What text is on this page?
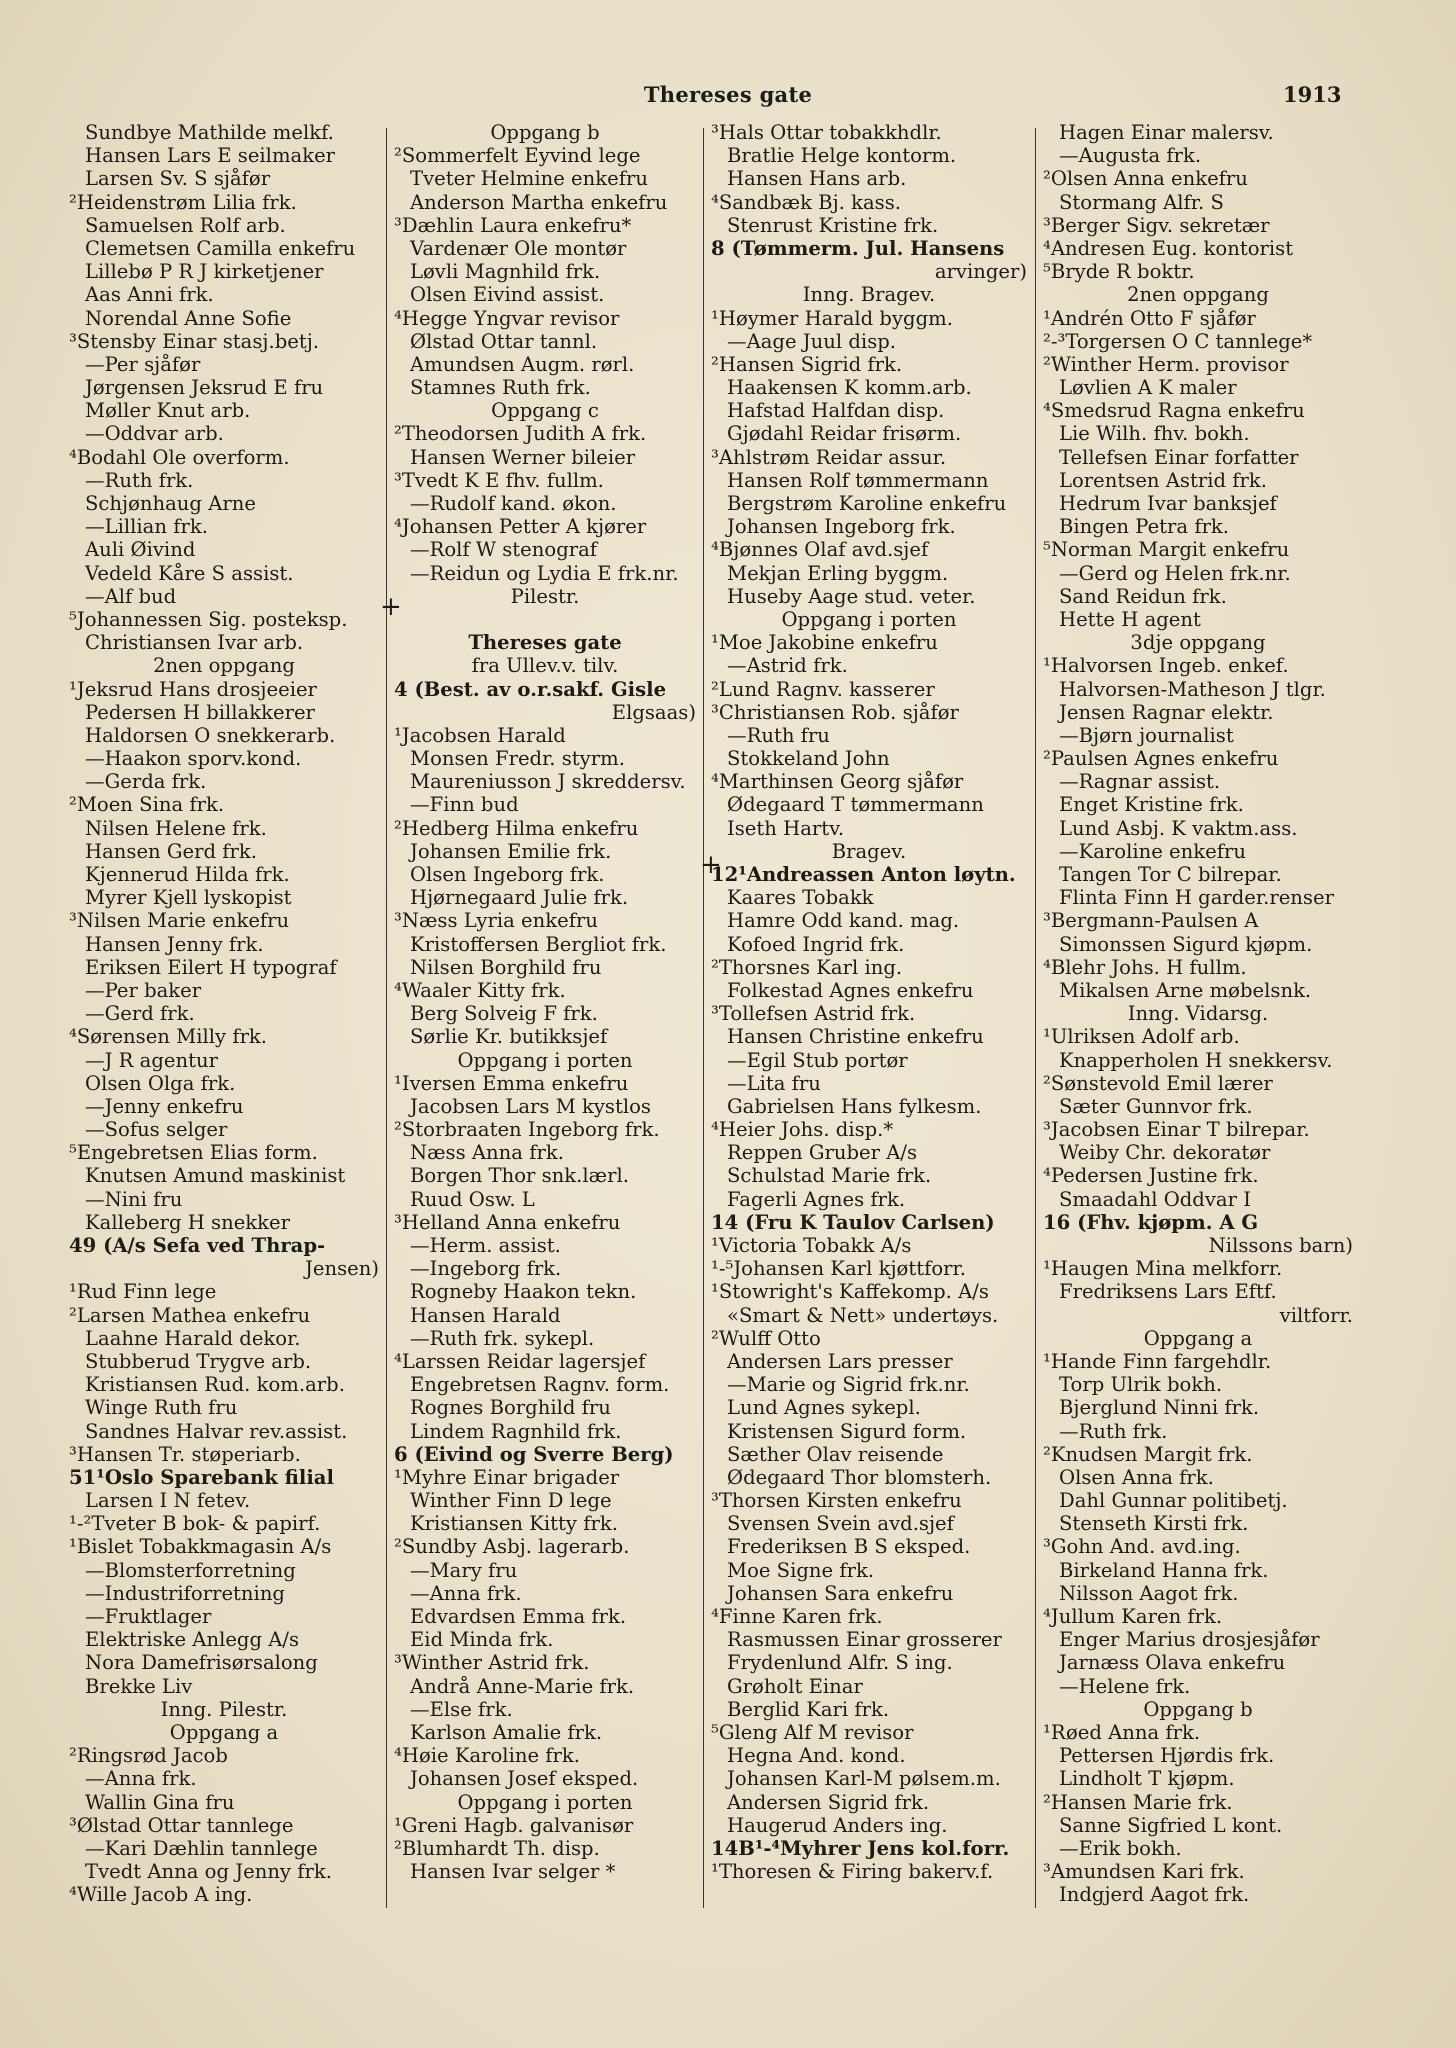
Thereses gate	1913
Sundbye Mathilde melkf.
Hansen Lars E seilmaker
Larsen Sv. S sjåfør
²Heidenstrøm Lilia frk.
Samuelsen Rolf arb.
Clemetsen Camilla enkefru
Lillebø P R J kirketjener
Aas Anni frk.
Norendal Anne Sofie
³Stensby Einar stasj.betj.
—Per sjåfør
Jørgensen Jeksrud E fru
Møller Knut arb.
—Oddvar arb.
⁴Bodahl Ole overform.
—Ruth frk.
Schjønhaug Arne
—Lillian frk.
Auli Øivind
Vedeld Kåre S assist.
—Alf bud
⁵Johannessen Sig. posteksp.
Christiansen Ivar arb.
2nen oppgang
¹Jeksrud Hans drosjeeier
Pedersen H billakkerer
Haldorsen O snekkerarb.
—Haakon sporv.kond.
—Gerda frk.
²Moen Sina frk.
Nilsen Helene frk.
Hansen Gerd frk.
Kjennerud Hilda frk.
Myrer Kjell lyskopist
³Nilsen Marie enkefru
Hansen Jenny frk.
Eriksen Eilert H typograf
—Per baker
—Gerd frk.
⁴Sørensen Milly frk.
—J R agentur
Olsen Olga frk.
—Jenny enkefru
—Sofus selger
⁵Engebretsen Elias form.
Knutsen Amund maskinist
—Nini fru
Kalleberg H snekker
49 (A/s Sefa ved Thrap-
Jensen)
¹Rud Finn lege
²Larsen Mathea enkefru
Laahne Harald dekor.
Stubberud Trygve arb.
Kristiansen Rud. kom.arb.
Winge Ruth fru
Sandnes Halvar rev.assist.
³Hansen Tr. støperiarb.
51¹Oslo Sparebank filial
Larsen I N fetev.
¹-²Tveter B bok- & papirf.
¹Bislet Tobakkmagasin A/s
—Blomsterforretning
—Industriforretning
—Fruktlager
Elektriske Anlegg A/s
Nora Damefrisørsalong
Brekke Liv
Inng. Pilestr.
Oppgang a
²Ringsrød Jacob
—Anna frk.
Wallin Gina fru
³Ølstad Ottar tannlege
—Kari Dæhlin tannlege
Tvedt Anna og Jenny frk.
⁴Wille Jacob A ing.
Oppgang b
²Sommerfelt Eyvind lege
Tveter Helmine enkefru
Anderson Martha enkefru
³Dæhlin Laura enkefru*
Vardenær Ole montør
Løvli Magnhild frk.
Olsen Eivind assist.
⁴Hegge Yngvar revisor
Ølstad Ottar tannl.
Amundsen Augm. rørl.
Stamnes Ruth frk.
Oppgang c
²Theodorsen Judith A frk.
Hansen Werner bileier
³Tvedt K E fhv. fullm.
—Rudolf kand. økon.
⁴Johansen Petter A kjører
—Rolf W stenograf
—Reidun og Lydia E frk.nr.
Pilestr.
Thereses gate
fra Ullev.v. tilv.
4 (Best. av o.r.sakf. Gisle
Elgsaas)
¹Jacobsen Harald
Monsen Fredr. styrm.
Maureniusson J skreddersv.
—Finn bud
²Hedberg Hilma enkefru
Johansen Emilie frk.
Olsen Ingeborg frk.
Hjørnegaard Julie frk.
³Næss Lyria enkefru
Kristoffersen Bergliot frk.
Nilsen Borghild fru
⁴Waaler Kitty frk.
Berg Solveig F frk.
Sørlie Kr. butikksjef
Oppgang i porten
¹Iversen Emma enkefru
Jacobsen Lars M kystlos
²Storbraaten Ingeborg frk.
Næss Anna frk.
Borgen Thor snk.lærl.
Ruud Osw. L
³Helland Anna enkefru
—Herm. assist.
—Ingeborg frk.
Rogneby Haakon tekn.
Hansen Harald
—Ruth frk. sykepl.
⁴Larssen Reidar lagersjef
Engebretsen Ragnv. form.
Rognes Borghild fru
Lindem Ragnhild frk.
6 (Eivind og Sverre Berg)
¹Myhre Einar brigader
Winther Finn D lege
Kristiansen Kitty frk.
²Sundby Asbj. lagerarb.
—Mary fru
—Anna frk.
Edvardsen Emma frk.
Eid Minda frk.
³Winther Astrid frk.
Andrå Anne-Marie frk.
—Else frk.
Karlson Amalie frk.
⁴Høie Karoline frk.
Johansen Josef eksped.
Oppgang i porten
¹Greni Hagb. galvanisør
²Blumhardt Th. disp.
Hansen Ivar selger *
³Hals Ottar tobakkhdlr.
Bratlie Helge kontorm.
Hansen Hans arb.
⁴Sandbæk Bj. kass.
Stenrust Kristine frk.
8 (Tømmerm. Jul. Hansens
arvinger)
Inng. Bragev.
¹Høymer Harald byggm.
—Aage Juul disp.
²Hansen Sigrid frk.
Haakensen K komm.arb.
Hafstad Halfdan disp.
Gjødahl Reidar frisørm.
³Ahlstrøm Reidar assur.
Hansen Rolf tømmermann
Bergstrøm Karoline enkefru
Johansen Ingeborg frk.
⁴Bjønnes Olaf avd.sjef
Mekjan Erling byggm.
Huseby Aage stud. veter.
Oppgang i porten
¹Moe Jakobine enkefru
—Astrid frk.
²Lund Ragnv. kasserer
³Christiansen Rob. sjåfør
—Ruth fru
Stokkeland John
⁴Marthinsen Georg sjåfør
Ødegaard T tømmermann
Iseth Hartv.
Bragev.
12¹Andreassen Anton løytn.
Kaares Tobakk
Hamre Odd kand. mag.
Kofoed Ingrid frk.
²Thorsnes Karl ing.
Folkestad Agnes enkefru
³Tollefsen Astrid frk.
Hansen Christine enkefru
—Egil Stub portør
—Lita fru
Gabrielsen Hans fylkesm.
⁴Heier Johs. disp.*
Reppen Gruber A/s
Schulstad Marie frk.
Fagerli Agnes frk.
14 (Fru K Taulov Carlsen)
¹Victoria Tobakk A/s
¹-⁵Johansen Karl kjøttforr.
¹Stowright's Kaffekomp. A/s
«Smart & Nett» undertøys.
²Wulff Otto
Andersen Lars presser
—Marie og Sigrid frk.nr.
Lund Agnes sykepl.
Kristensen Sigurd form.
Sæther Olav reisende
Ødegaard Thor blomsterh.
³Thorsen Kirsten enkefru
Svensen Svein avd.sjef
Frederiksen B S eksped.
Moe Signe frk.
Johansen Sara enkefru
⁴Finne Karen frk.
Rasmussen Einar grosserer
Frydenlund Alfr. S ing.
Grøholt Einar
Berglid Kari frk.
⁵Gleng Alf M revisor
Hegna And. kond.
Johansen Karl-M pølsem.m.
Andersen Sigrid frk.
Haugerud Anders ing.
14B¹-⁴Myhrer Jens kol.forr.
¹Thoresen & Firing bakerv.f.
Hagen Einar malersv.
—Augusta frk.
²Olsen Anna enkefru
Stormang Alfr. S
³Berger Sigv. sekretær
⁴Andresen Eug. kontorist
⁵Bryde R boktr.
2nen oppgang
¹Andrén Otto F sjåfør
²-³Torgersen O C tannlege*
²Winther Herm. provisor
Løvlien A K maler
⁴Smedsrud Ragna enkefru
Lie Wilh. fhv. bokh.
Tellefsen Einar forfatter
Lorentsen Astrid frk.
Hedrum Ivar banksjef
Bingen Petra frk.
⁵Norman Margit enkefru
—Gerd og Helen frk.nr.
Sand Reidun frk.
Hette H agent
3dje oppgang
¹Halvorsen Ingeb. enkef.
Halvorsen-Matheson J tlgr.
Jensen Ragnar elektr.
—Bjørn journalist
²Paulsen Agnes enkefru
—Ragnar assist.
Enget Kristine frk.
Lund Asbj. K vaktm.ass.
—Karoline enkefru
Tangen Tor C bilrepar.
Flinta Finn H garder.renser
³Bergmann-Paulsen A
Simonssen Sigurd kjøpm.
⁴Blehr Johs. H fullm.
Mikalsen Arne møbelsnk.
Inng. Vidarsg.
¹Ulriksen Adolf arb.
Knapperholen H snekkersv.
²Sønstevold Emil lærer
Sæter Gunnvor frk.
³Jacobsen Einar T bilrepar.
Weiby Chr. dekoratør
⁴Pedersen Justine frk.
Smaadahl Oddvar I
16 (Fhv. kjøpm. A G
Nilssons barn)
¹Haugen Mina melkforr.
Fredriksens Lars Eftf.
viltforr.
Oppgang a
¹Hande Finn fargehdlr.
Torp Ulrik bokh.
Bjerglund Ninni frk.
—Ruth frk.
²Knudsen Margit frk.
Olsen Anna frk.
Dahl Gunnar politibetj.
Stenseth Kirsti frk.
³Gohn And. avd.ing.
Birkeland Hanna frk.
Nilsson Aagot frk.
⁴Jullum Karen frk.
Enger Marius drosjesjåfør
Jarnæss Olava enkefru
—Helene frk.
Oppgang b
¹Røed Anna frk.
Pettersen Hjørdis frk.
Lindholt T kjøpm.
²Hansen Marie frk.
Sanne Sigfried L kont.
—Erik bokh.
³Amundsen Kari frk.
Indgjerd Aagot frk.
+
+
